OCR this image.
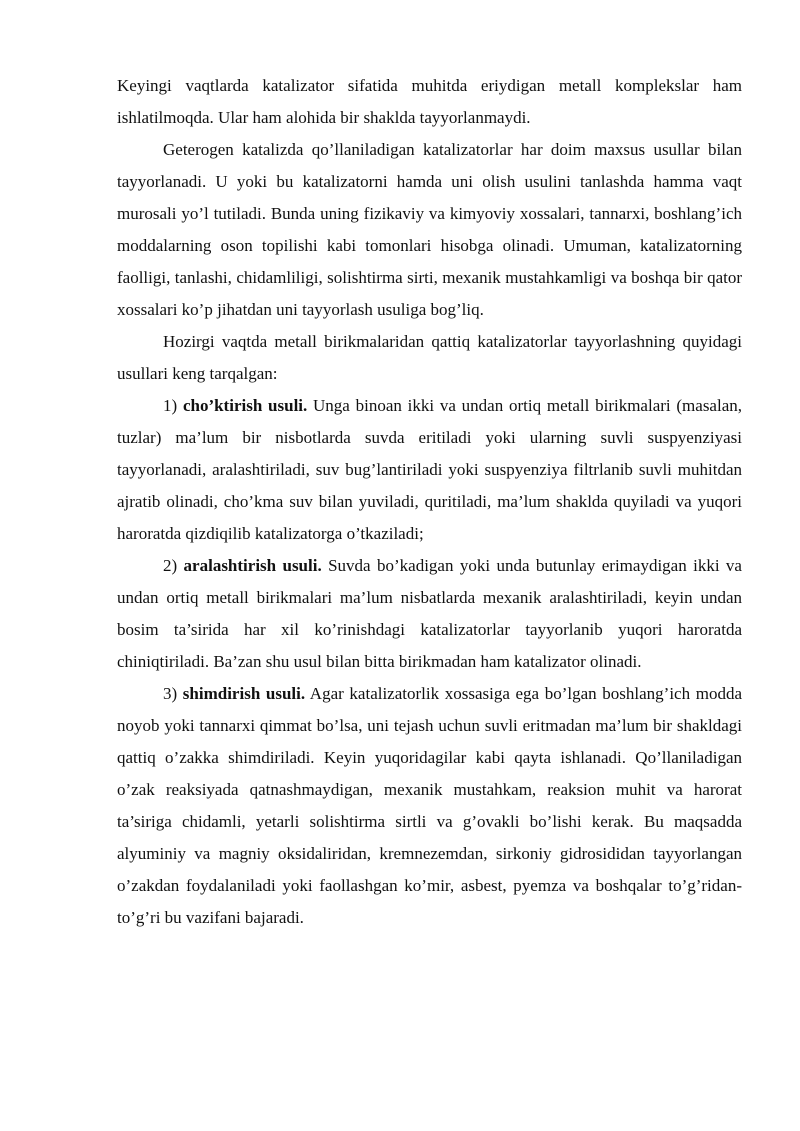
Keyingi vaqtlarda katalizator sifatida muhitda eriydigan metall komplekslar ham ishlatilmoqda. Ular ham alohida bir shaklda tayyorlanmaydi.

Geterogen katalizda qo’llaniladigan katalizatorlar har doim maxsus usullar bilan tayyorlanadi. U yoki bu katalizatorni hamda uni olish usulini tanlashda hamma vaqt murosali yo’l tutiladi. Bunda uning fizikaviy va kimyoviy xossalari, tannarxi, boshlang’ich moddalarning oson topilishi kabi tomonlari hisobga olinadi. Umuman, katalizatorning faolligi, tanlashi, chidamliligi, solishtirma sirti, mexanik mustahkamligi va boshqa bir qator xossalari ko’p jihatdan uni tayyorlash usuliga bog’liq.

Hozirgi vaqtda metall birikmalaridan qattiq katalizatorlar tayyorlashning quyidagi usullari keng tarqalgan:

1) cho’ktirish usuli. Unga binoan ikki va undan ortiq metall birikmalari (masalan, tuzlar) ma’lum bir nisbotlarda suvda eritiladi yoki ularning suvli suspyenziyasi tayyorlanadi, aralashtiriladi, suv bug’lantiriladi yoki suspyenziya filtrlanib suvli muhitdan ajratib olinadi, cho’kma suv bilan yuviladi, quritiladi, ma’lum shaklda quyiladi va yuqori haroratda qizdiqilib katalizatorga o’tkaziladi;

2) aralashtirish usuli. Suvda bo’kadigan yoki unda butunlay erimaydigan ikki va undan ortiq metall birikmalari ma’lum nisbatlarda mexanik aralashtiriladi, keyin undan bosim ta’sirida har xil ko’rinishdagi katalizatorlar tayyorlanib yuqori haroratda chiniqtiriladi. Ba’zan shu usul bilan bitta birikmadan ham katalizator olinadi.

3) shimdirish usuli. Agar katalizatorlik xossasiga ega bo’lgan boshlang’ich modda noyob yoki tannarxi qimmat bo’lsa, uni tejash uchun suvli eritmadan ma’lum bir shakldagi qattiq o’zakka shimdiriladi. Keyin yuqoridagilar kabi qayta ishlanadi. Qo’llaniladigan o’zak reaksiyada qatnashmaydigan, mexanik mustahkam, reaksion muhit va harorat ta’siriga chidamli, yetarli solishtirma sirtli va g’ovakli bo’lishi kerak. Bu maqsadda alyuminiy va magniy oksidaliridan, kremnezemdan, sirkoniy gidrosididan tayyorlangan o’zakdan foydalaniladi yoki faollashgan ko’mir, asbest, pyemza va boshqalar to’g’ridan-to’g’ri bu vazifani bajaradi.
